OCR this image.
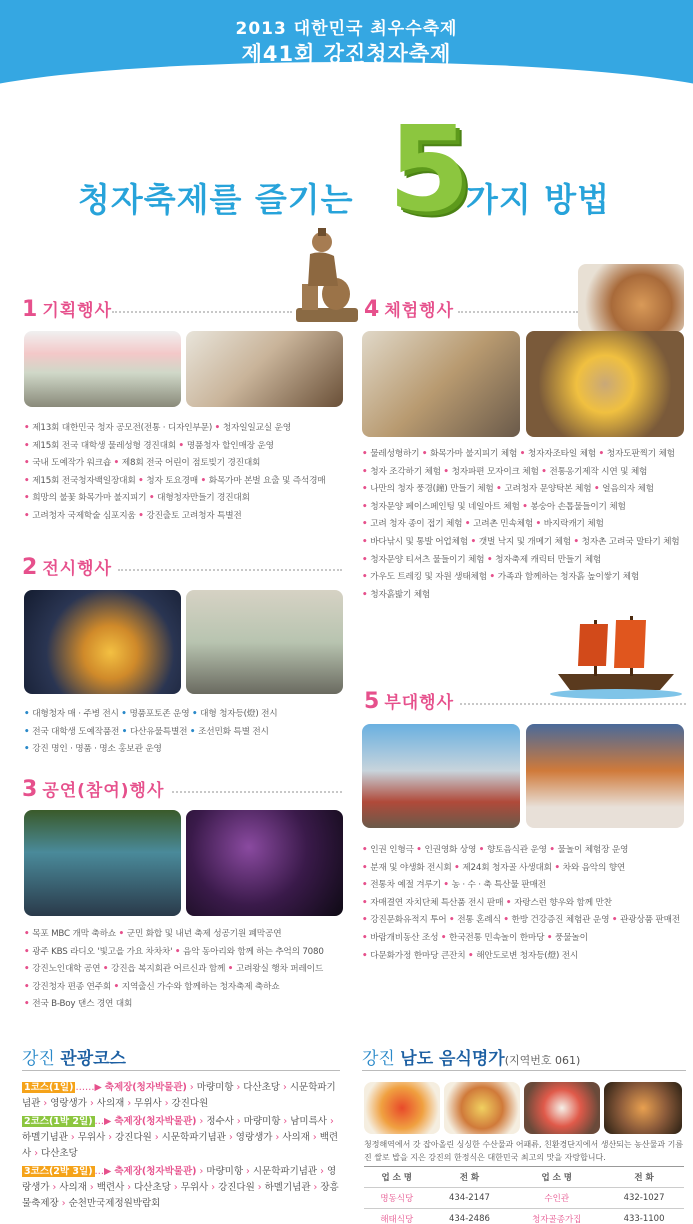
2013 대한민국 최우수축제
제41회 강진청자축제
청자축제를 즐기는 5
가지 방법
1 기획행사
• 제13회 대한민국 청자 공모전(전통 · 디자인부문) • 청자일일교실 운영 • 제15회 전국 대학생 물레성형 경진대회 • 명품청자 할인매장 운영 • 국내 도예작가 워크숍 • 제8회 전국 어린이 점토빚기 경진대회 • 제15회 전국청자백일장대회 • 청자 토요경매 • 화목가마 본벌 요출 및 즉석경매 • 희망의 불꽃 화목가마 불지피기 • 대형청자만들기 경진대회 • 고려청자 국제학술 심포지움 • 강진출토 고려청자 특별전
2 전시행사
• 대형청자 매 · 주병 전시 • 명품포토존 운영 • 대형 청자등(燈) 전시 • 전국 대학생 도예작품전 • 다산유물특별전 • 조선민화 특별 전시 • 강진 명인 · 명품 · 명소 홍보관 운영
3 공연(참여)행사
• 목포 MBC 개막 축하쇼 • 군민 화합 및 내년 축제 성공기원 폐막공연 • 광주 KBS 라디오 '빛고을 가요 차차차' • 음악 동아리와 함께 하는 추억의 7080 • 강진노인대학 공연 • 강진읍 복지회관 어르신과 함께 • 고려왕실 행차 퍼레이드 • 강진청자 편종 연주회 • 지역출신 가수와 함께하는 청자축제 축하쇼 • 전국 B-Boy 댄스 경연 대회
4 체험행사
• 물레성형하기 • 화목가마 불지피기 체험 • 청자자조타일 체험 • 청자도판찍기 체험 • 청자 조각하기 체험 • 청자파편 모자이크 체험 • 전통옹기제작 시연 및 체험 • 나만의 청자 풍경(鐘) 만들기 체험 • 고려청자 문양탁본 체험 • 얼음의자 체험 • 청자문양 페이스페인팅 및 네일아트 체험 • 봉숭아 손톱물들이기 체험 • 고려 청자 종이 접기 체험 • 고려촌 민속체험 • 바지락캐기 체험 • 바다낚시 및 통발 어업체험 • 갯벌 낙지 및 개메기 체험 • 청자촌 고려국 말타기 체험 • 청자문양 티셔츠 물들이기 체험 • 청자축제 캐릭터 만들기 체험 • 가우도 트레킹 및 자원 생태체험 • 가족과 함께하는 청자흙 높이쌓기 체험 • 청자흙밟기 체험
5 부대행사
• 인권 인형극 • 인권영화 상영 • 향토음식관 운영 • 물놀이 체험장 운영 • 분재 및 야생화 전시회 • 제24회 청자골 사생대회 • 차와 음악의 향연 • 전통차 예절 겨루기 • 농 · 수 · 축 특산물 판매전 • 자매결연 자치단체 특산품 전시 판매 • 자랑스런 향우와 함께 만찬 • 강진문화유적지 투어 • 전통 혼례식 • 한방 건강증진 체험관 운영 • 관광상품 판매전 • 바람개비동산 조성 • 한국전통 민속놀이 한마당 • 풍물놀이 • 다문화가정 한마당 큰잔치 • 해안도로변 청자등(燈) 전시
강진 관광코스
1코스(1일) ……▶ 축제장(청자박물관) › 마량미항 › 다산초당 › 시문학파기념관 › 영랑생가 › 사의재 › 무위사 › 강진다원
2코스(1박 2일) …▶ 축제장(청자박물관) › 정수사 › 마량미항 › 남미륵사 › 하멜기념관 › 무위사 › 강진다원 › 시문학파기념관 › 영랑생가 › 사의재 › 백련사 › 다산초당
3코스(2박 3일) …▶ 축제장(청자박물관) › 마량미항 › 시문학파기념관 › 영랑생가 › 사의재 › 백련사 › 다산초당 › 무위사 › 강진다원 › 하멜기념관 › 장흥 물축제장 › 순천만국제정원박람회
강진 남도 음식명가(지역번호 061)
청정해역에서 갓 잡아올린 싱싱한 수산물과 어패류, 친환경단지에서 생산되는 농산물과 기름진 쌀로 밥을 지은 강진의 한정식은 대한민국 최고의 맛을 자랑합니다.
업 소 명	전 화	업 소 명	전 화
명동식당	434-2147	수인관	432-1027
해태식당	434-2486	청자골종가집	433-1100
